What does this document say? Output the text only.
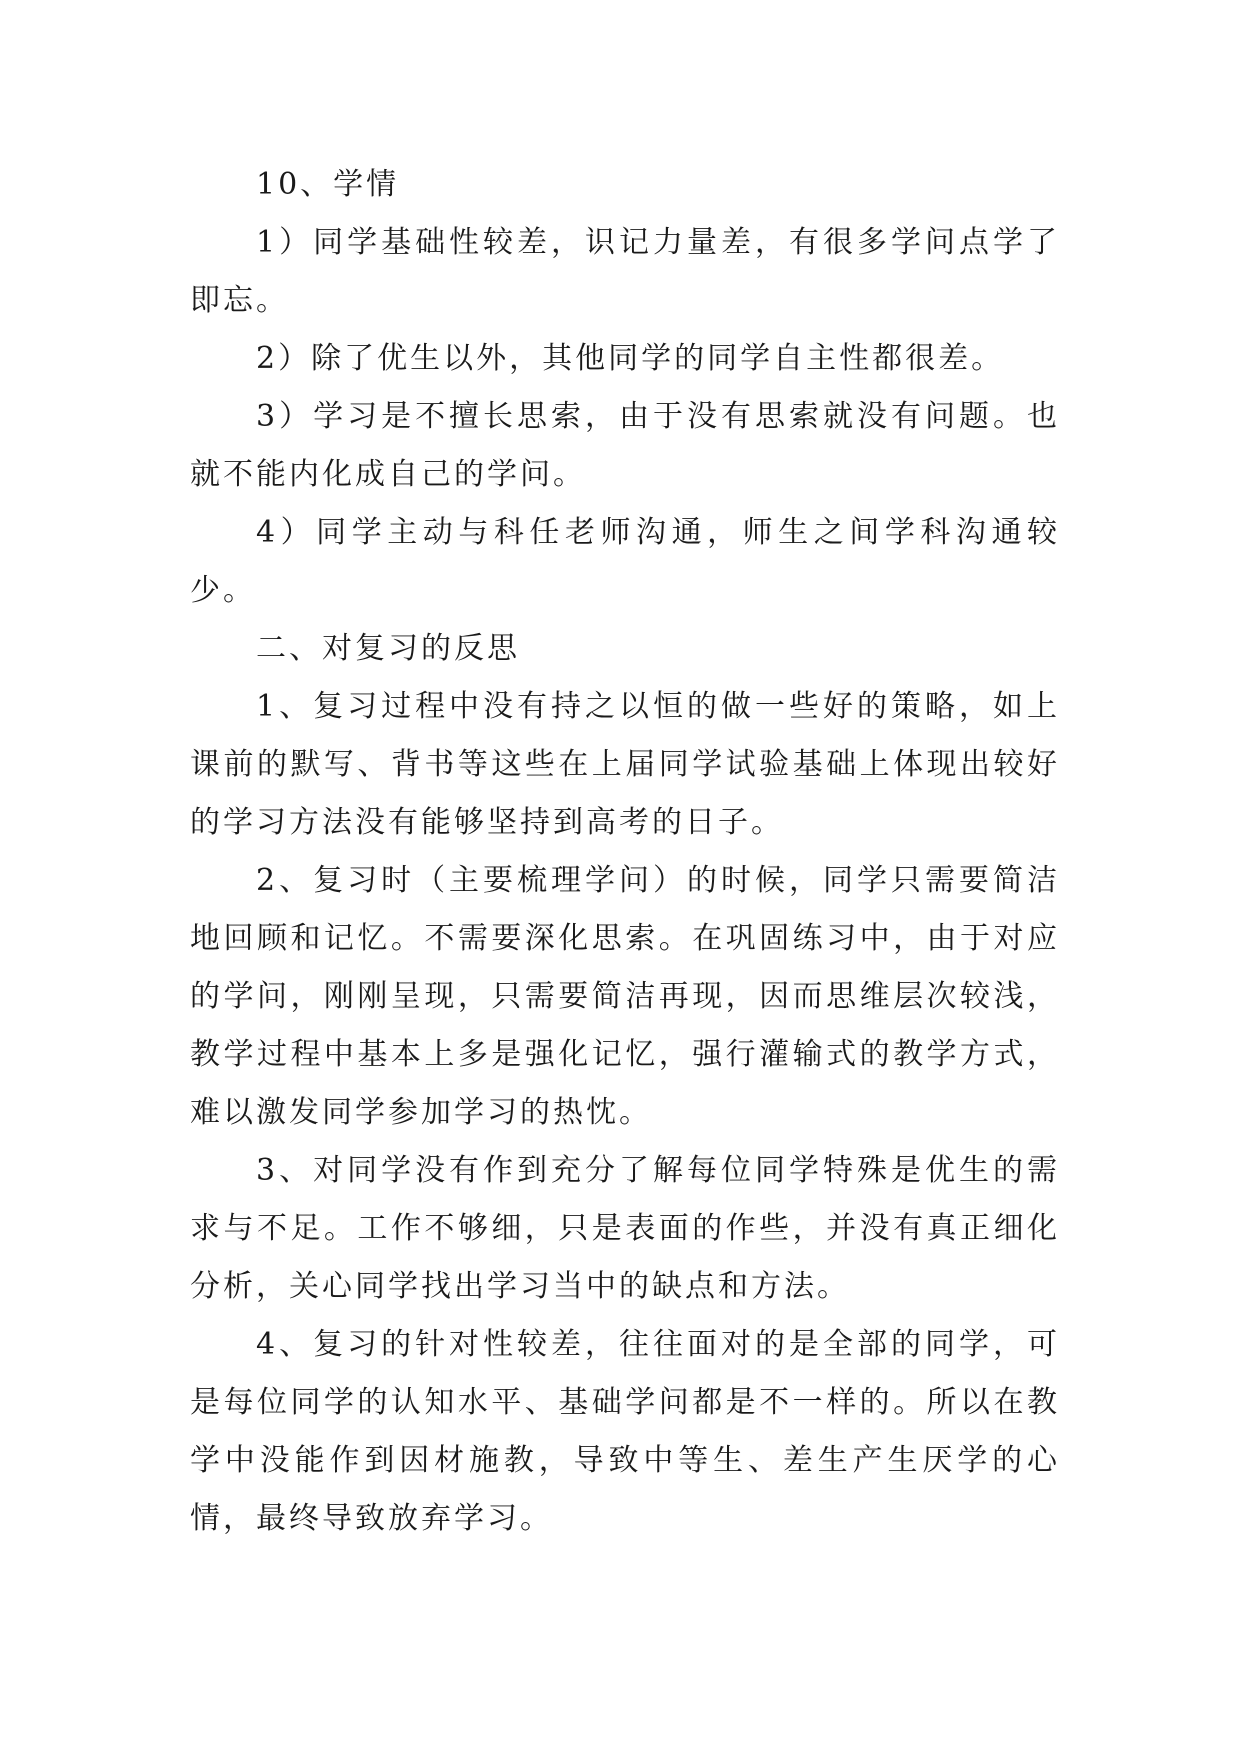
10、学情

1）同学基础性较差，识记力量差，有很多学问点学了即忘。

2）除了优生以外，其他同学的同学自主性都很差。

3）学习是不擅长思索，由于没有思索就没有问题。也就不能内化成自己的学问。

4）同学主动与科任老师沟通，师生之间学科沟通较少。

二、对复习的反思

1、复习过程中没有持之以恒的做一些好的策略，如上课前的默写、背书等这些在上届同学试验基础上体现出较好的学习方法没有能够坚持到高考的日子。

2、复习时（主要梳理学问）的时候，同学只需要简洁地回顾和记忆。不需要深化思索。在巩固练习中，由于对应的学问，刚刚呈现，只需要简洁再现，因而思维层次较浅，教学过程中基本上多是强化记忆，强行灌输式的教学方式，难以激发同学参加学习的热忱。

3、对同学没有作到充分了解每位同学特殊是优生的需求与不足。工作不够细，只是表面的作些，并没有真正细化分析，关心同学找出学习当中的缺点和方法。

4、复习的针对性较差，往往面对的是全部的同学，可是每位同学的认知水平、基础学问都是不一样的。所以在教学中没能作到因材施教，导致中等生、差生产生厌学的心情，最终导致放弃学习。
